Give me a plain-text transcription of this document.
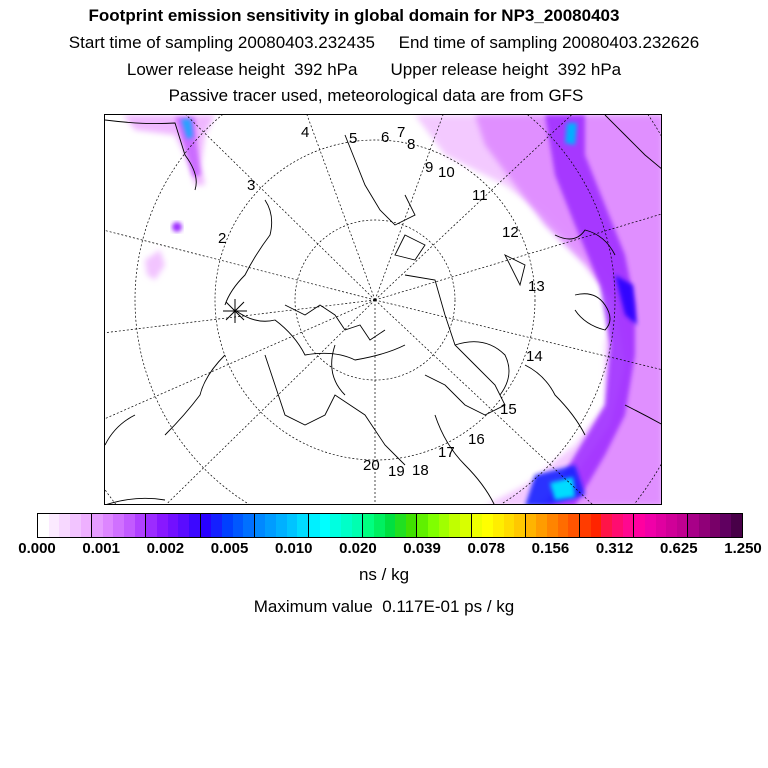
Footprint emission sensitivity in global domain for NP3_20080403
Start time of sampling 20080403.232435     End time of sampling 20080403.232626
Lower release height  392 hPa       Upper release height  392 hPa
Passive tracer used, meteorological data are from GFS
2
3
4	5 6 7
8
9 10
11
12
13
14
15
16
17
18
19
20
0.000 0.001 0.002 0.005 0.010 0.020 0.039 0.078 0.156 0.312 0.625 1.250
ns / kg
Maximum value  0.117E-01 ps / kg
